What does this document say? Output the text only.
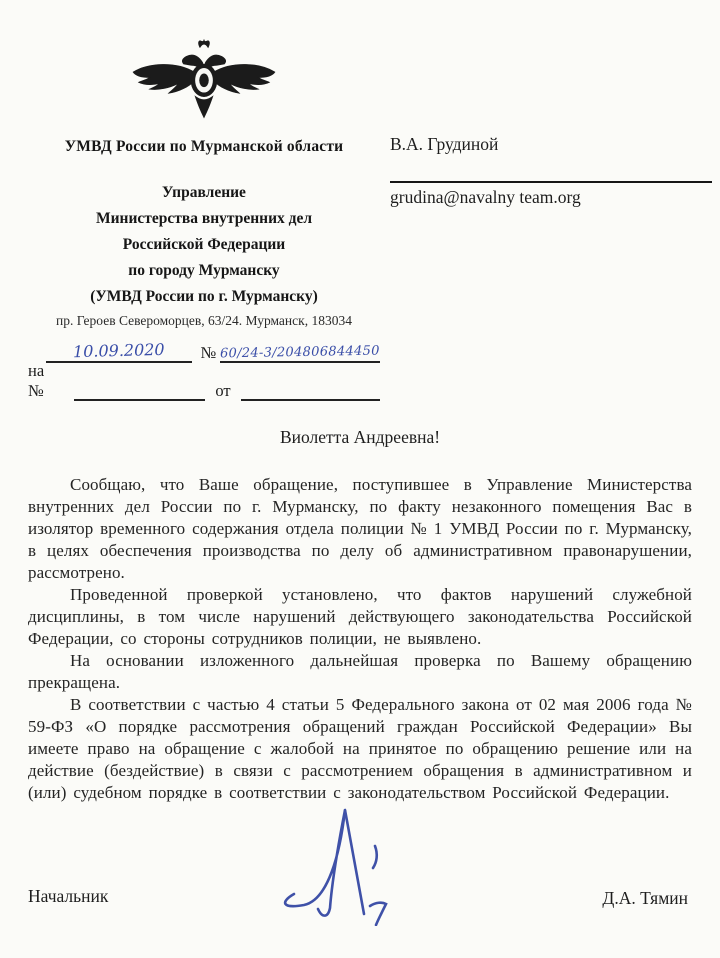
УМВД России по Мурманской области
Управление
Министерства внутренних дел
Российской Федерации
по городу Мурманску
(УМВД России по г. Мурманску)
пр. Героев Североморцев, 63/24. Мурманск, 183034
10.09.2020	№ 60/24-3/204806844450
на №	от
В.А. Грудиной
grudina@navalny team.org
Виолетта Андреевна!

Сообщаю, что Ваше обращение, поступившее в Управление Министерства внутренних дел России по г. Мурманску, по факту незаконного помещения Вас в изолятор временного содержания отдела полиции № 1 УМВД России по г. Мурманску, в целях обеспечения производства по делу об административном правонарушении, рассмотрено.

Проведенной проверкой установлено, что фактов нарушений служебной дисциплины, в том числе нарушений действующего законодательства Российской Федерации, со стороны сотрудников полиции, не выявлено.

На основании изложенного дальнейшая проверка по Вашему обращению прекращена.

В соответствии с частью 4 статьи 5 Федерального закона от 02 мая 2006 года № 59-ФЗ «О порядке рассмотрения обращений граждан Российской Федерации» Вы имеете право на обращение с жалобой на принятое по обращению решение или на действие (бездействие) в связи с рассмотрением обращения в административном и (или) судебном порядке в соответствии с законодательством Российской Федерации.

Начальник	Д.А. Тямин
